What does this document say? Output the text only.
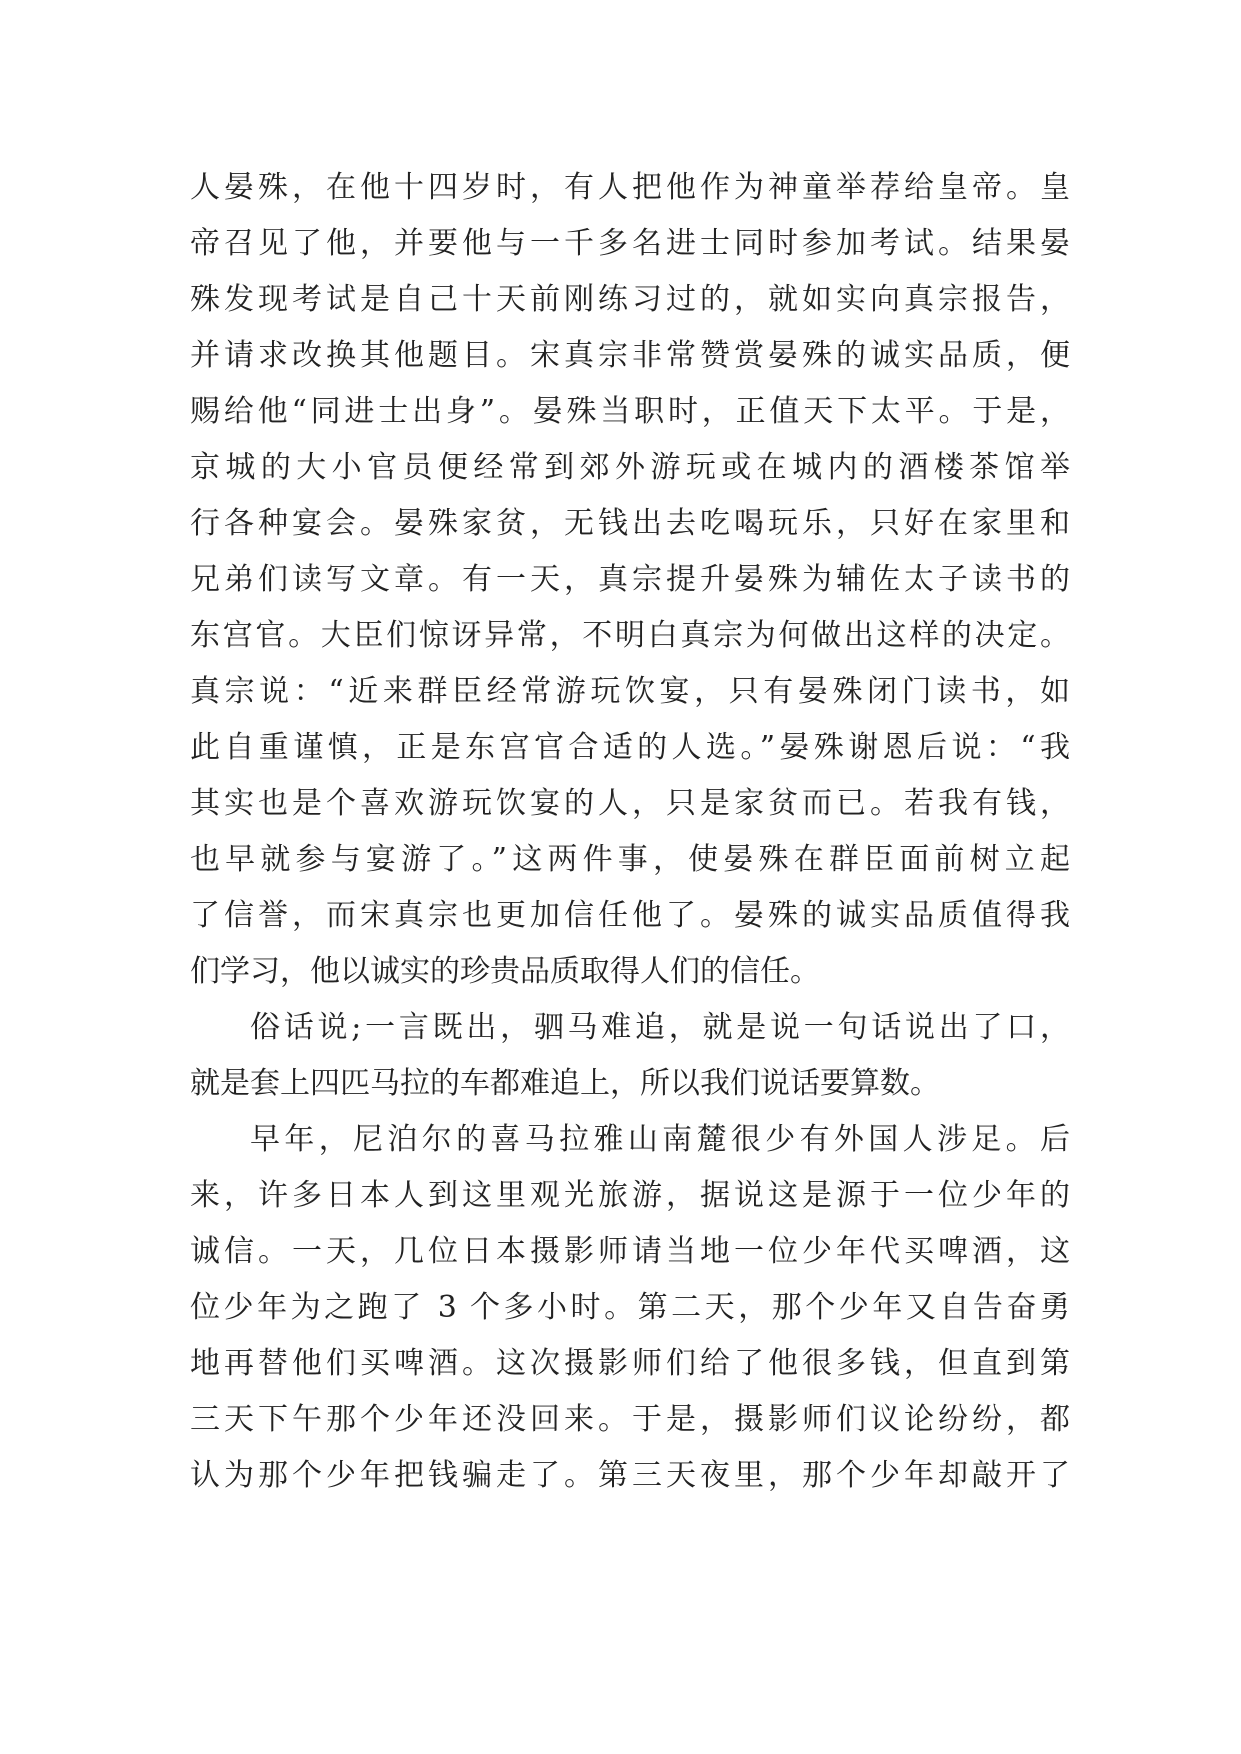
人晏殊，在他十四岁时，有人把他作为神童举荐给皇帝。皇
帝召见了他，并要他与一千多名进士同时参加考试。结果晏
殊发现考试是自己十天前刚练习过的，就如实向真宗报告，
并请求改换其他题目。宋真宗非常赞赏晏殊的诚实品质，便
赐给他“同进士出身”。晏殊当职时，正值天下太平。于是，
京城的大小官员便经常到郊外游玩或在城内的酒楼茶馆举
行各种宴会。晏殊家贫，无钱出去吃喝玩乐，只好在家里和
兄弟们读写文章。有一天，真宗提升晏殊为辅佐太子读书的
东宫官。大臣们惊讶异常，不明白真宗为何做出这样的决定。
真宗说：“近来群臣经常游玩饮宴，只有晏殊闭门读书，如
此自重谨慎，正是东宫官合适的人选。”晏殊谢恩后说：“我
其实也是个喜欢游玩饮宴的人，只是家贫而已。若我有钱，
也早就参与宴游了。”这两件事，使晏殊在群臣面前树立起
了信誉，而宋真宗也更加信任他了。晏殊的诚实品质值得我
们学习，他以诚实的珍贵品质取得人们的信任。
俗话说;一言既出，驷马难追，就是说一句话说出了口，
就是套上四匹马拉的车都难追上，所以我们说话要算数。
早年，尼泊尔的喜马拉雅山南麓很少有外国人涉足。后
来，许多日本人到这里观光旅游，据说这是源于一位少年的
诚信。一天，几位日本摄影师请当地一位少年代买啤酒，这
位少年为之跑了 3 个多小时。第二天，那个少年又自告奋勇
地再替他们买啤酒。这次摄影师们给了他很多钱，但直到第
三天下午那个少年还没回来。于是，摄影师们议论纷纷，都
认为那个少年把钱骗走了。第三天夜里，那个少年却敲开了
